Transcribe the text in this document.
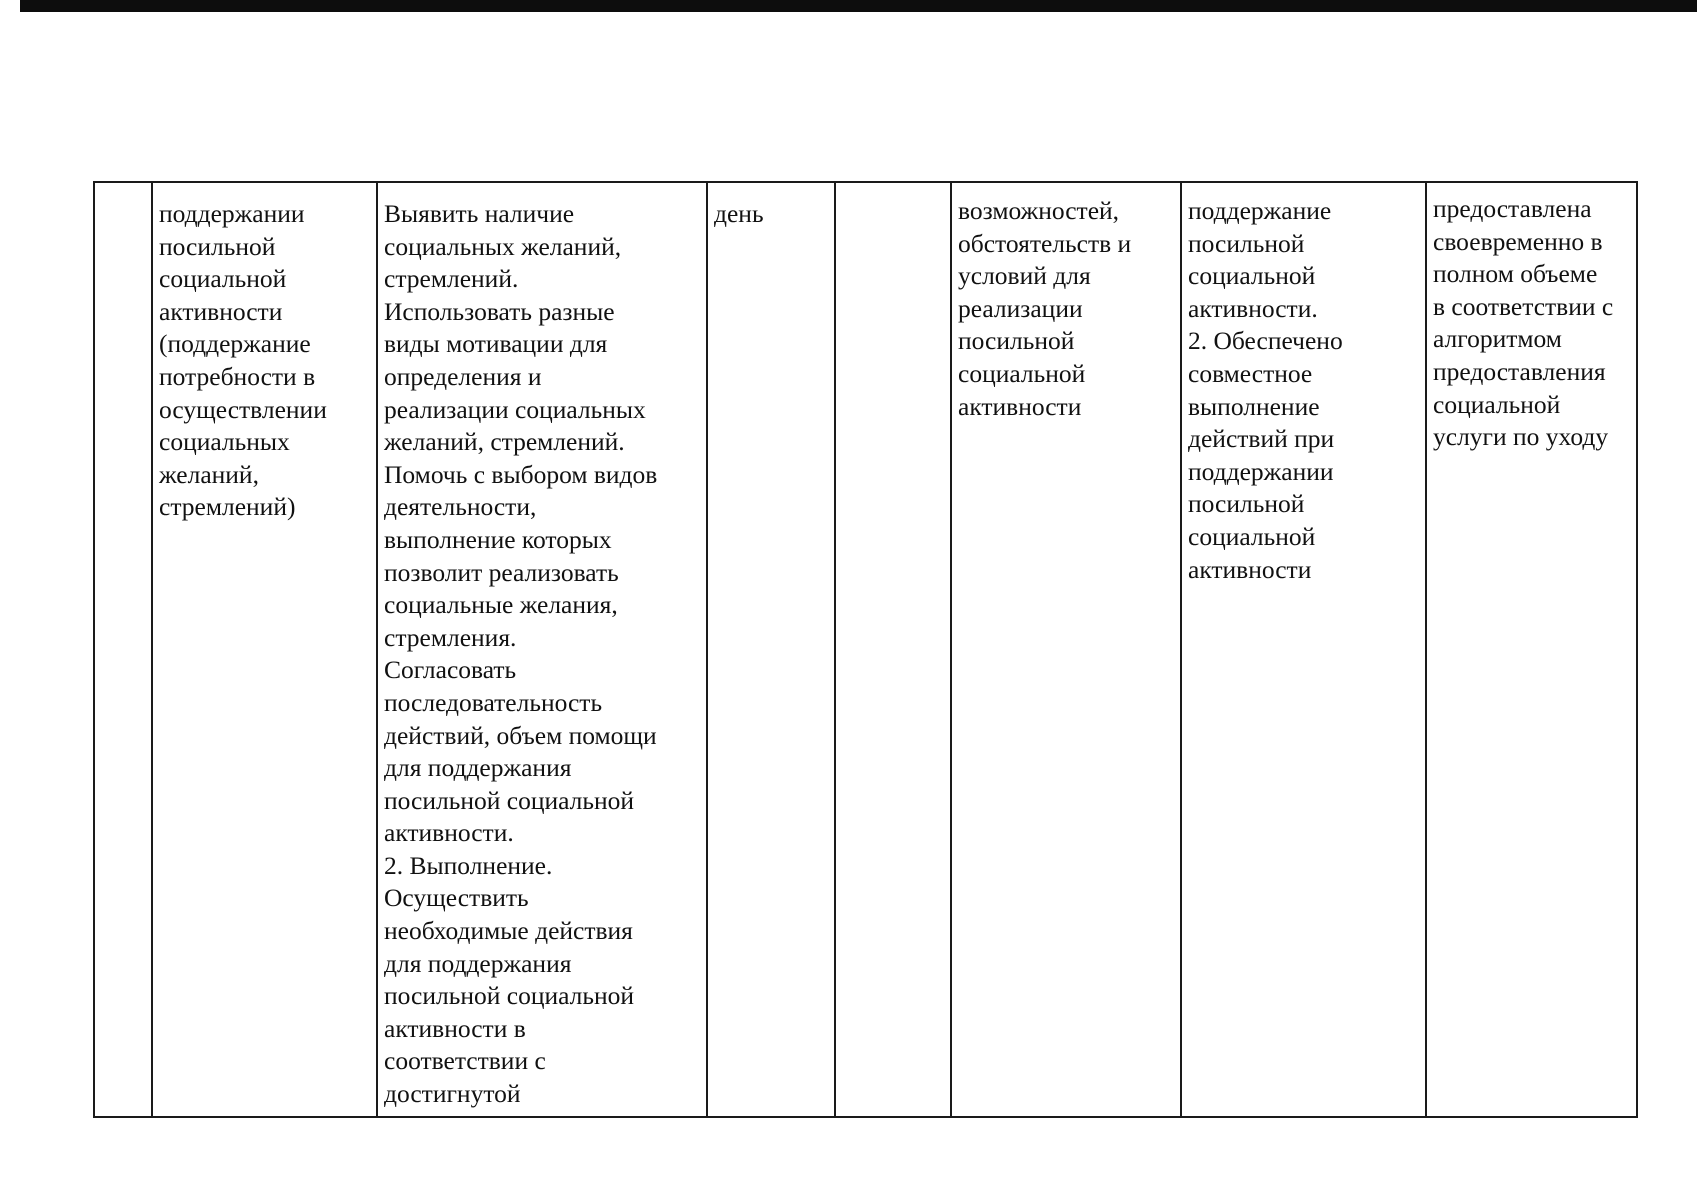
поддержании
посильной
социальной
активности
(поддержание
потребности в
осуществлении
социальных
желаний,
стремлений)
Выявить наличие
социальных желаний,
стремлений.
Использовать разные
виды мотивации для
определения и
реализации социальных
желаний, стремлений.
Помочь с выбором видов
деятельности,
выполнение которых
позволит реализовать
социальные желания,
стремления.
Согласовать
последовательность
действий, объем помощи
для поддержания
посильной социальной
активности.
2. Выполнение.
Осуществить
необходимые действия
для поддержания
посильной социальной
активности в
соответствии с
достигнутой
день	возможностей,
обстоятельств и
условий для
реализации
посильной
социальной
активности
поддержание
посильной
социальной
активности.
2. Обеспечено
совместное
выполнение
действий при
поддержании
посильной
социальной
активности
предоставлена
своевременно в
полном объеме
в соответствии с
алгоритмом
предоставления
социальной
услуги по уходу
